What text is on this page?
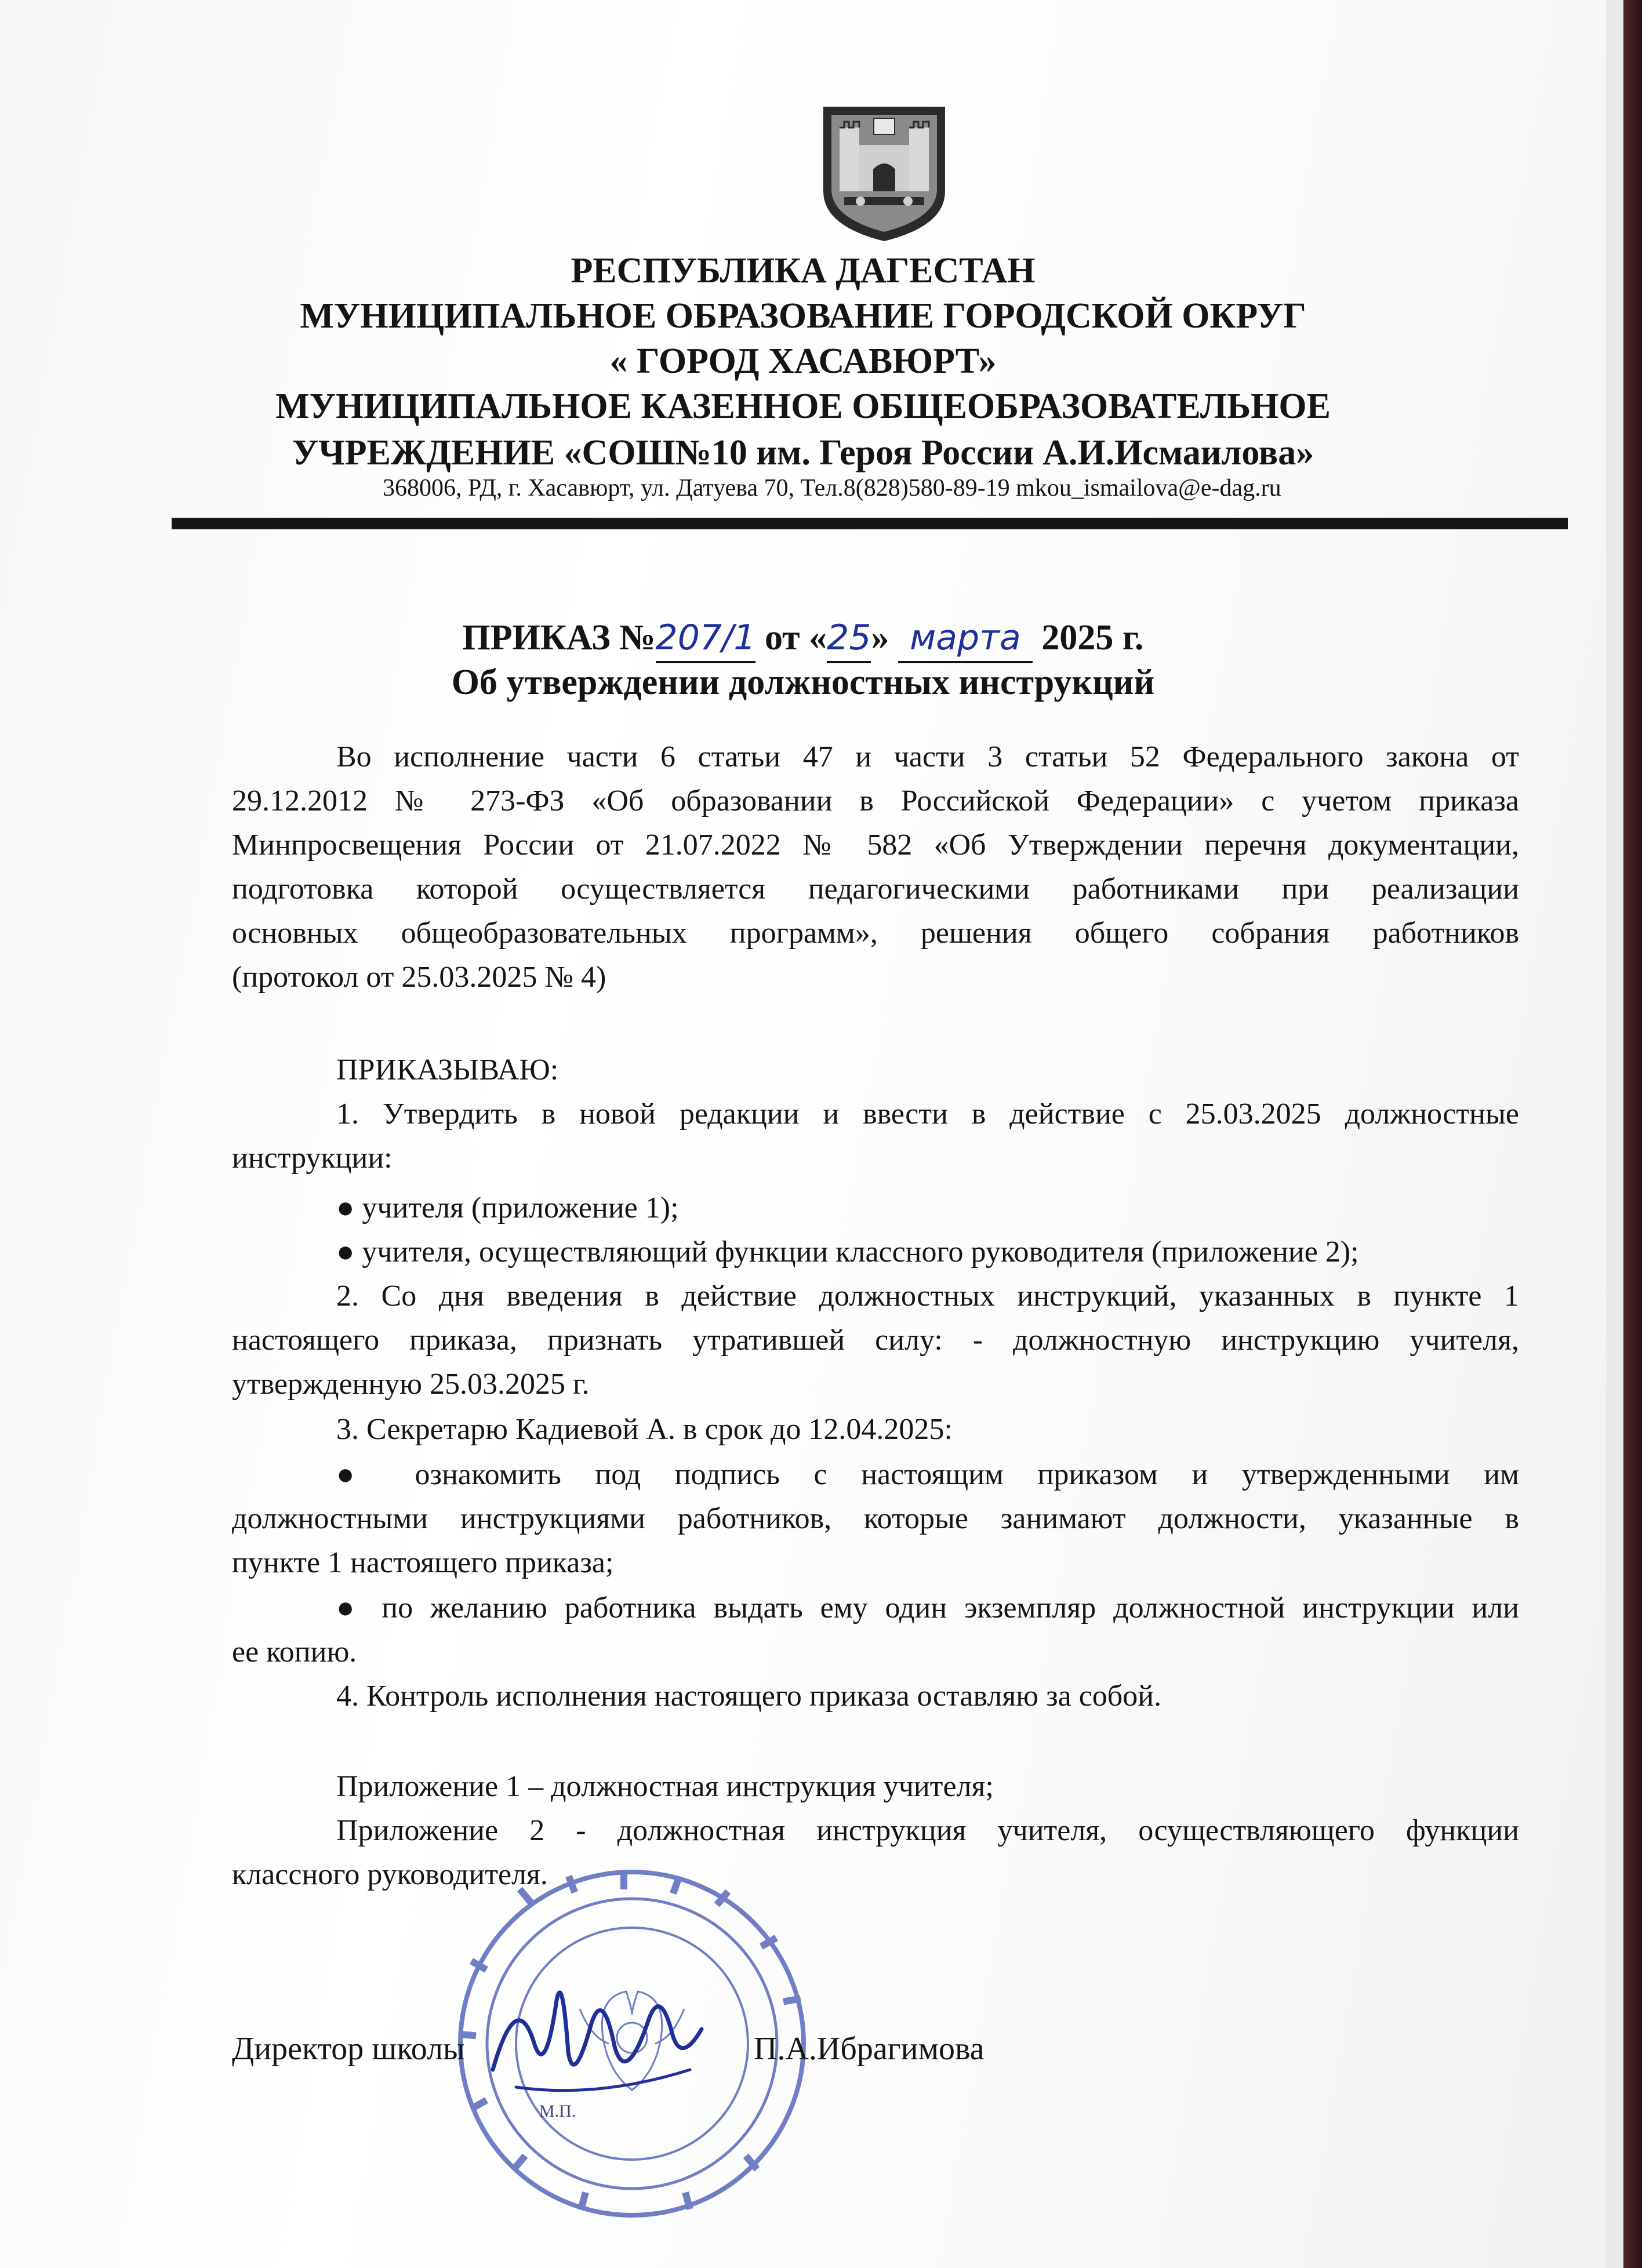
РЕСПУБЛИКА ДАГЕСТАН
МУНИЦИПАЛЬНОЕ ОБРАЗОВАНИЕ ГОРОДСКОЙ ОКРУГ
« ГОРОД ХАСАВЮРТ»
МУНИЦИПАЛЬНОЕ КАЗЕННОЕ ОБЩЕОБРАЗОВАТЕЛЬНОЕ
УЧРЕЖДЕНИЕ «СОШ№10 им. Героя России А.И.Исмаилова»
368006, РД, г. Хасавюрт, ул. Датуева 70, Тел.8(828)580-89-19 mkou_ismailova@e-dag.ru
ПРИКАЗ №207/1 от «25» марта 2025 г.
Об утверждении должностных инструкций
Во исполнение части 6 статьи 47 и части 3 статьи 52 Федерального закона от
29.12.2012 № 273-ФЗ «Об образовании в Российской Федерации» с учетом приказа
Минпросвещения России от 21.07.2022 № 582 «Об Утверждении перечня документации,
подготовка которой осуществляется педагогическими работниками при реализации
основных общеобразовательных программ», решения общего собрания работников
(протокол от 25.03.2025 № 4)
ПРИКАЗЫВАЮ:
1. Утвердить в новой редакции и ввести в действие с 25.03.2025 должностные
инструкции:
● учителя (приложение 1);
● учителя, осуществляющий функции классного руководителя (приложение 2);
2. Со дня введения в действие должностных инструкций, указанных в пункте 1
настоящего приказа, признать утратившей силу: - должностную инструкцию учителя,
утвержденную 25.03.2025 г.
3. Секретарю Кадиевой А. в срок до 12.04.2025:
● ознакомить под подпись с настоящим приказом и утвержденными им
должностными инструкциями работников, которые занимают должности, указанные в
пункте 1 настоящего приказа;
● по желанию работника выдать ему один экземпляр должностной инструкции или
ее копию.
4. Контроль исполнения настоящего приказа оставляю за собой.
Приложение 1 – должностная инструкция учителя;
Приложение 2 - должностная инструкция учителя, осуществляющего функции
классного руководителя.
Директор школы	П.А.Ибрагимова
М.П.
